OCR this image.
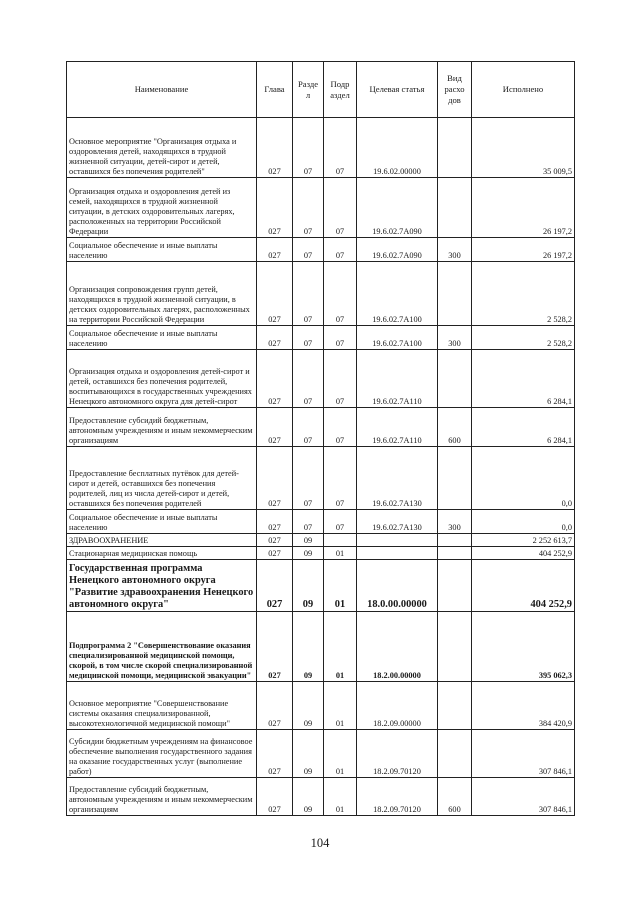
Наименование	Глава	Разде л	Подр аздел	Целевая статья	Вид расхо дов	Исполнено
Основное мероприятие "Организация отдыха и оздоровления детей, находящихся в трудной жизненной ситуации, детей-сирот и детей, оставшихся без попечения родителей"	027	07	07	19.6.02.00000		35 009,5
Организация отдыха и оздоровления детей из семей, находящихся в трудной жизненной ситуации, в детских оздоровительных лагерях, расположенных на территории Российской Федерации	027	07	07	19.6.02.7А090		26 197,2
Социальное обеспечение и иные выплаты населению	027	07	07	19.6.02.7А090	300	26 197,2
Организация сопровождения групп детей, находящихся в трудной жизненной ситуации, в детских оздоровительных лагерях, расположенных на территории Российской Федерации	027	07	07	19.6.02.7А100		2 528,2
Социальное обеспечение и иные выплаты населению	027	07	07	19.6.02.7А100	300	2 528,2
Организация отдыха и оздоровления детей-сирот и детей, оставшихся без попечения родителей, воспитывающихся в государственных учреждениях Ненецкого автономного округа для детей-сирот	027	07	07	19.6.02.7А110		6 284,1
Предоставление субсидий бюджетным, автономным учреждениям и иным некоммерческим организациям	027	07	07	19.6.02.7А110	600	6 284,1
Предоставление бесплатных путёвок для детей-сирот и детей, оставшихся без попечения родителей, лиц из числа детей-сирот и детей, оставшихся без попечения родителей	027	07	07	19.6.02.7А130		0,0
Социальное обеспечение и иные выплаты населению	027	07	07	19.6.02.7А130	300	0,0
ЗДРАВООХРАНЕНИЕ	027	09				2 252 613,7
Стационарная медицинская помощь	027	09	01			404 252,9
Государственная программа Ненецкого автономного округа "Развитие здравоохранения Ненецкого автономного округа"	027	09	01	18.0.00.00000		404 252,9
Подпрограмма 2 "Совершенствование оказания специализированной медицинской помощи, скорой, в том числе скорой специализированной медицинской помощи, медицинской эвакуации"	027	09	01	18.2.00.00000		395 062,3
Основное мероприятие "Совершенствование системы оказания специализированной, высокотехнологичной медицинской помощи"	027	09	01	18.2.09.00000		384 420,9
Субсидии бюджетным учреждениям на финансовое обеспечение выполнения государственного задания на оказание государственных услуг (выполнение работ)	027	09	01	18.2.09.70120		307 846,1
Предоставление субсидий бюджетным, автономным учреждениям и иным некоммерческим организациям	027	09	01	18.2.09.70120	600	307 846,1
104
